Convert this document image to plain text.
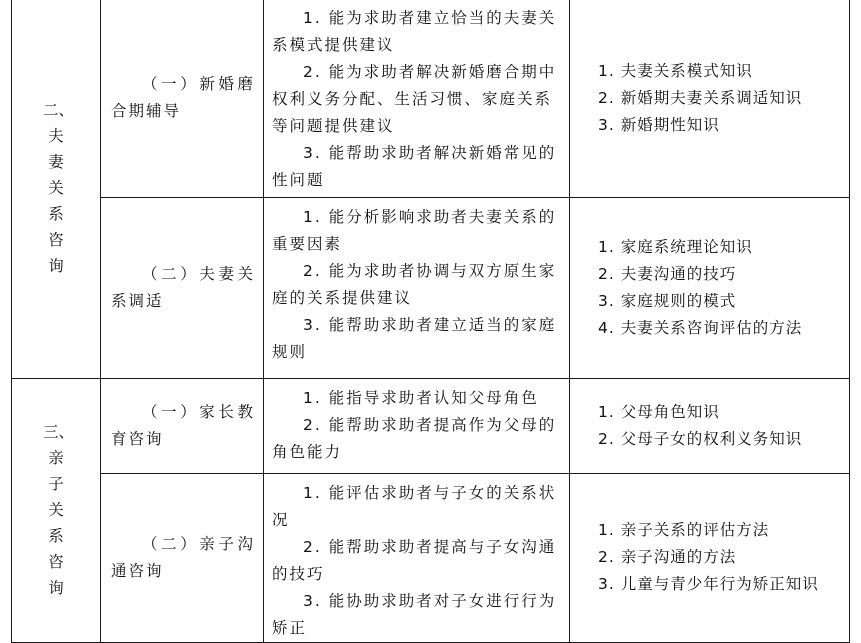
二、夫妻关系咨询	（一）新婚磨合期辅导	1. 能为求助者建立恰当的夫妻关系模式提供建议
2. 能为求助者解决新婚磨合期中权利义务分配、生活习惯、家庭关系等问题提供建议
3. 能帮助求助者解决新婚常见的性问题	1. 夫妻关系模式知识
2. 新婚期夫妻关系调适知识
3. 新婚期性知识

	（二）夫妻关系调适	1. 能分析影响求助者夫妻关系的重要因素
2. 能为求助者协调与双方原生家庭的关系提供建议
3. 能帮助求助者建立适当的家庭规则	1. 家庭系统理论知识
2. 夫妻沟通的技巧
3. 家庭规则的模式
4. 夫妻关系咨询评估的方法

三、亲子关系咨询	（一）家长教育咨询	1. 能指导求助者认知父母角色
2. 能帮助求助者提高作为父母的角色能力	1. 父母角色知识
2. 父母子女的权利义务知识

	（二）亲子沟通咨询	1. 能评估求助者与子女的关系状况
2. 能帮助求助者提高与子女沟通的技巧
3. 能协助求助者对子女进行行为矫正	1. 亲子关系的评估方法
2. 亲子沟通的方法
3. 儿童与青少年行为矫正知识
